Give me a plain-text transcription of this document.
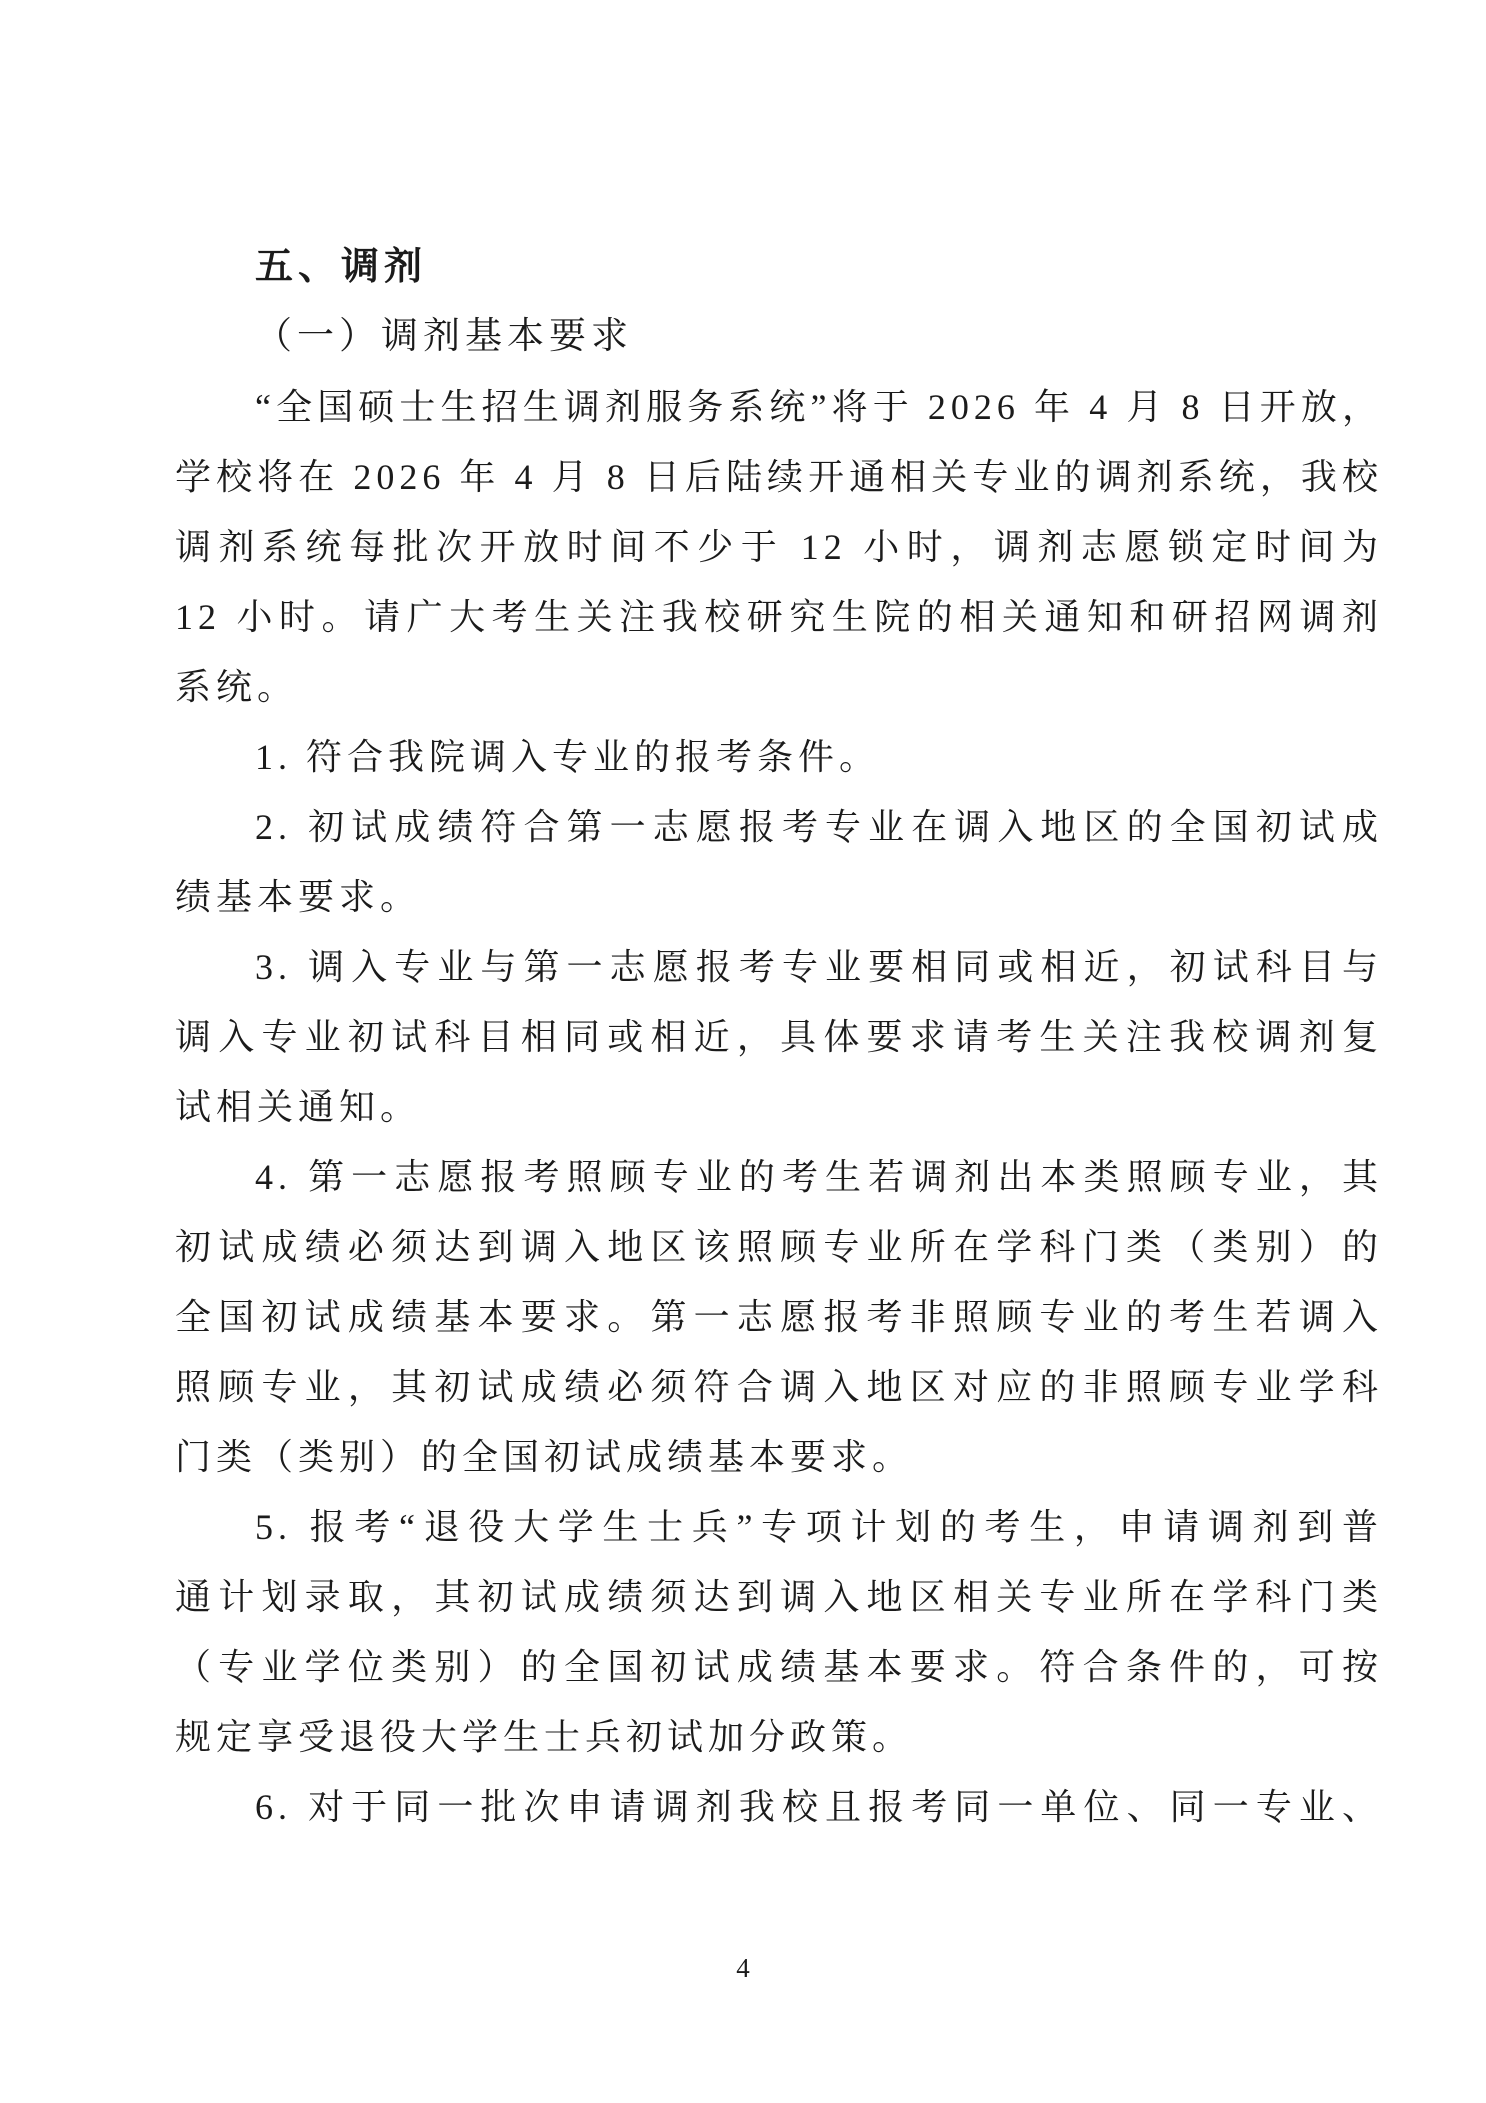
五、调剂
（一）调剂基本要求
“全国硕士生招生调剂服务系统”将于 2026 年 4 月 8 日开放，
学校将在 2026 年 4 月 8 日后陆续开通相关专业的调剂系统，我校
调剂系统每批次开放时间不少于 12 小时，调剂志愿锁定时间为
12 小时。请广大考生关注我校研究生院的相关通知和研招网调剂
系统。
1. 符合我院调入专业的报考条件。
2. 初试成绩符合第一志愿报考专业在调入地区的全国初试成
绩基本要求。
3. 调入专业与第一志愿报考专业要相同或相近，初试科目与
调入专业初试科目相同或相近，具体要求请考生关注我校调剂复
试相关通知。
4. 第一志愿报考照顾专业的考生若调剂出本类照顾专业，其
初试成绩必须达到调入地区该照顾专业所在学科门类（类别）的
全国初试成绩基本要求。第一志愿报考非照顾专业的考生若调入
照顾专业，其初试成绩必须符合调入地区对应的非照顾专业学科
门类（类别）的全国初试成绩基本要求。
5. 报考“退役大学生士兵”专项计划的考生，申请调剂到普
通计划录取，其初试成绩须达到调入地区相关专业所在学科门类
（专业学位类别）的全国初试成绩基本要求。符合条件的，可按
规定享受退役大学生士兵初试加分政策。
6. 对于同一批次申请调剂我校且报考同一单位、同一专业、
4
